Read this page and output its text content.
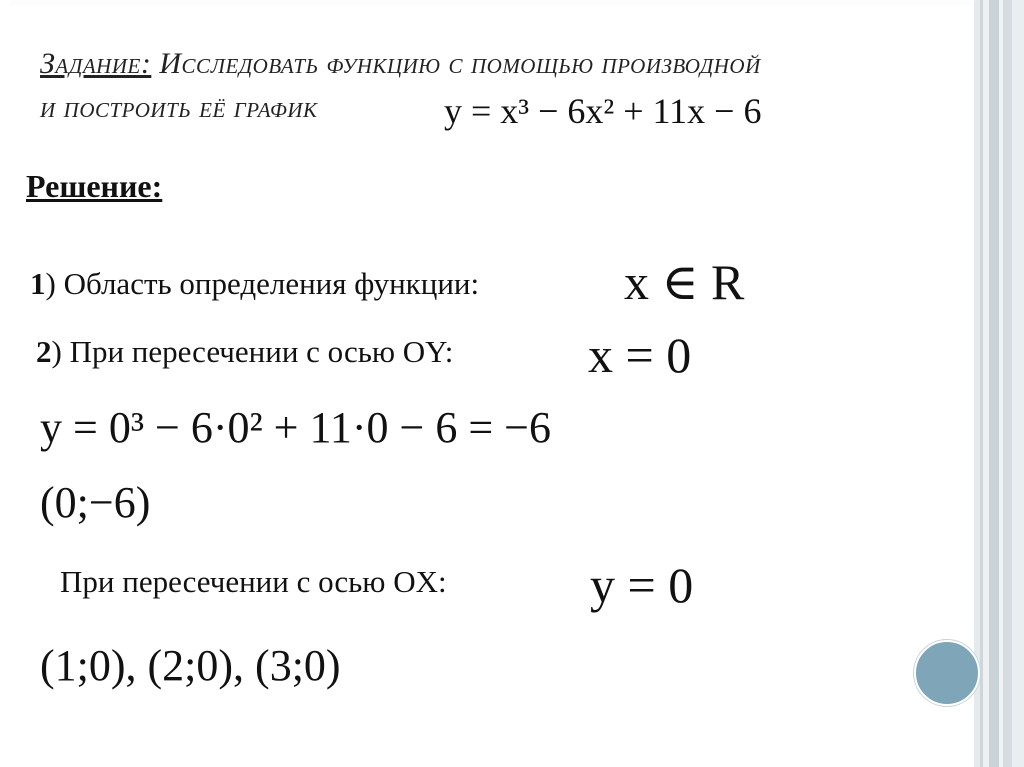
Задание: Исследовать функцию с помощью производной
и построить её график	y = x³ − 6x² + 11x − 6
Решение:
1) Область определения функции:	x ∈ R
2) При пересечении с осью OY:	x = 0
y = 0³ − 6·0² + 11·0 − 6 = −6
(0;−6)
При пересечении с осью OX:	y = 0
(1;0), (2;0), (3;0)
